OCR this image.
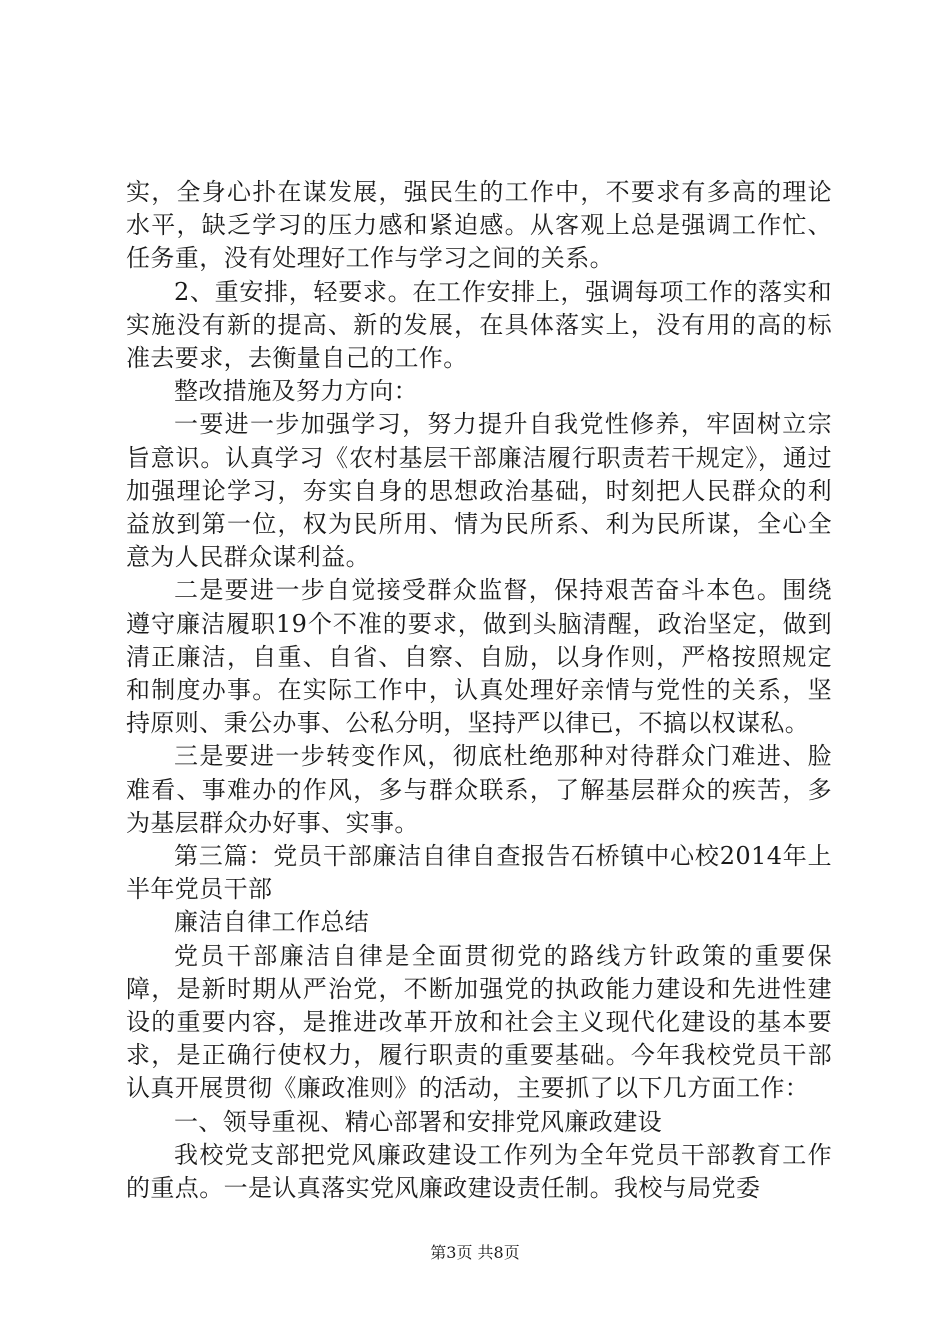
实，全身心扑在谋发展，强民生的工作中，不要求有多高的理论水平，缺乏学习的压力感和紧迫感。从客观上总是强调工作忙、任务重，没有处理好工作与学习之间的关系。

2、重安排，轻要求。在工作安排上，强调每项工作的落实和实施没有新的提高、新的发展，在具体落实上，没有用的高的标准去要求，去衡量自己的工作。

整改措施及努力方向：

一要进一步加强学习，努力提升自我党性修养，牢固树立宗旨意识。认真学习《农村基层干部廉洁履行职责若干规定》，通过加强理论学习，夯实自身的思想政治基础，时刻把人民群众的利益放到第一位，权为民所用、情为民所系、利为民所谋，全心全意为人民群众谋利益。

二是要进一步自觉接受群众监督，保持艰苦奋斗本色。围绕遵守廉洁履职19个不准的要求，做到头脑清醒，政治坚定，做到清正廉洁，自重、自省、自察、自励，以身作则，严格按照规定和制度办事。在实际工作中，认真处理好亲情与党性的关系，坚持原则、秉公办事、公私分明，坚持严以律已，不搞以权谋私。

三是要进一步转变作风，彻底杜绝那种对待群众门难进、脸难看、事难办的作风，多与群众联系，了解基层群众的疾苦，多为基层群众办好事、实事。

第三篇：党员干部廉洁自律自查报告石桥镇中心校2014年上半年党员干部

廉洁自律工作总结

党员干部廉洁自律是全面贯彻党的路线方针政策的重要保障，是新时期从严治党，不断加强党的执政能力建设和先进性建设的重要内容，是推进改革开放和社会主义现代化建设的基本要求，是正确行使权力，履行职责的重要基础。今年我校党员干部认真开展贯彻《廉政准则》的活动，主要抓了以下几方面工作：

一、领导重视、精心部署和安排党风廉政建设

我校党支部把党风廉政建设工作列为全年党员干部教育工作的重点。一是认真落实党风廉政建设责任制。我校与局党委

第3页 共8页
